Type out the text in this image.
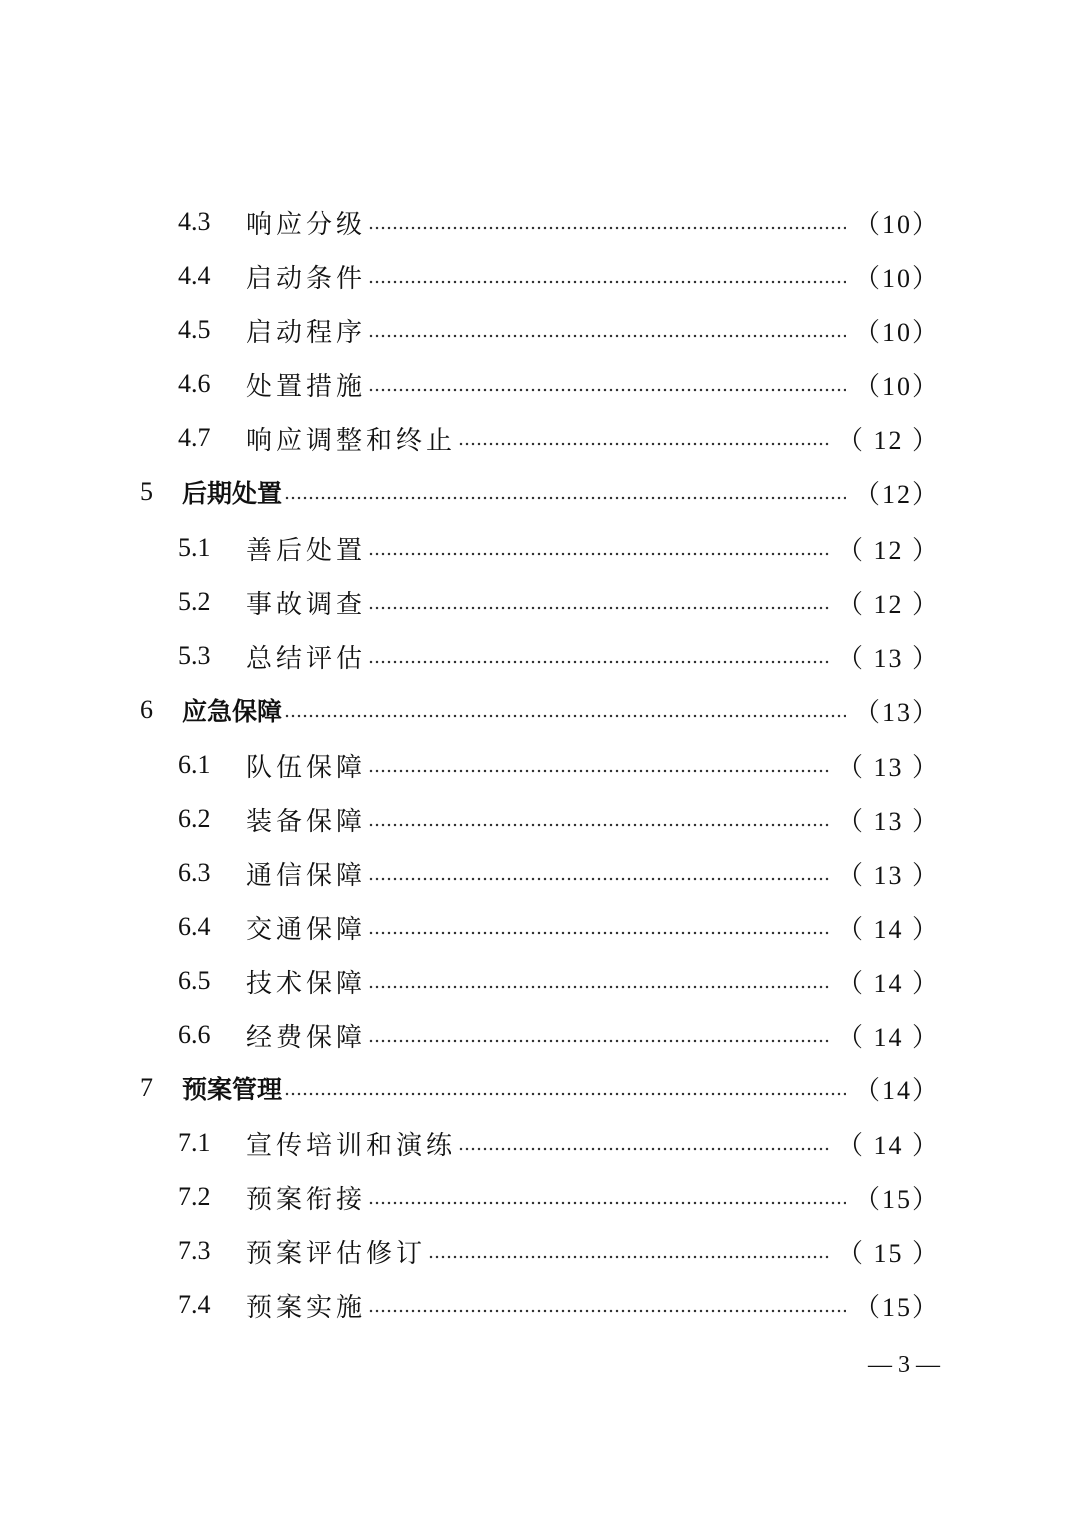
4.3	响应分级	（10）
4.4	启动条件	（10）
4.5	启动程序	（10）
4.6	处置措施	（10）
4.7	响应调整和终止	（ 12 ）
5	后期处置	（12）
5.1	善后处置	（ 12 ）
5.2	事故调查	（ 12 ）
5.3	总结评估	（ 13 ）
6	应急保障	（13）
6.1	队伍保障	（ 13 ）
6.2	装备保障	（ 13 ）
6.3	通信保障	（ 13 ）
6.4	交通保障	（ 14 ）
6.5	技术保障	（ 14 ）
6.6	经费保障	（ 14 ）
7	预案管理	（14）
7.1	宣传培训和演练	（ 14 ）
7.2	预案衔接	（15）
7.3	预案评估修订	（ 15 ）
7.4	预案实施	（15）
— 3 —
